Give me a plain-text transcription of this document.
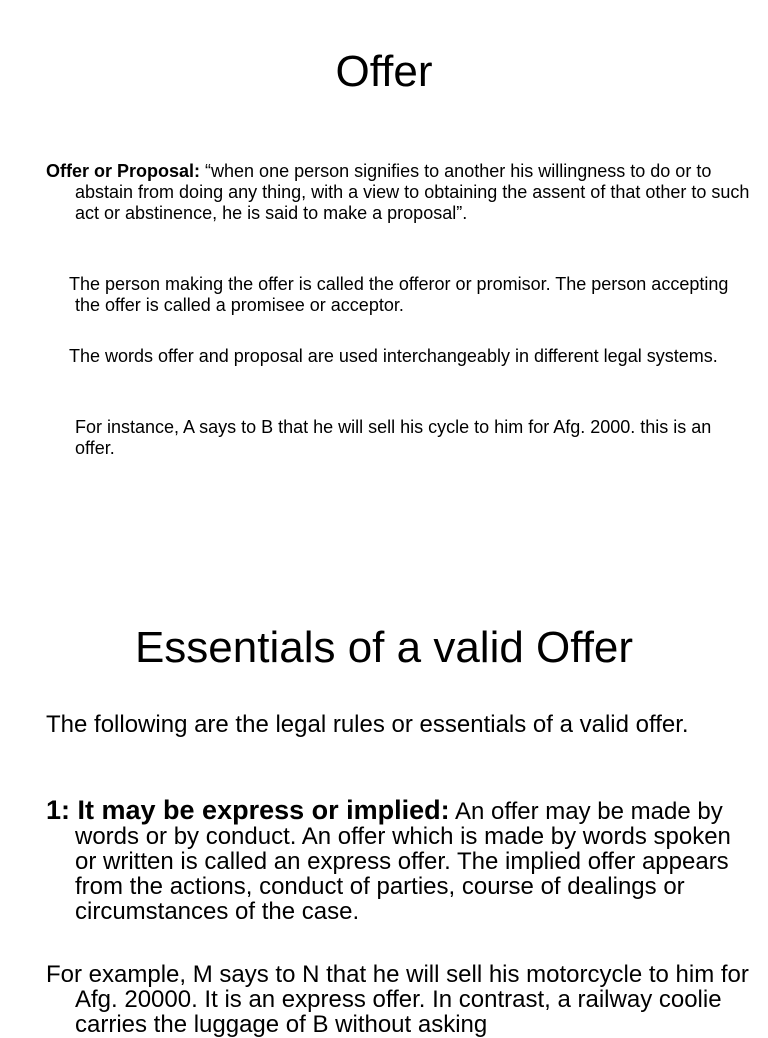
Offer

Offer or Proposal: “when one person signifies to another his willingness to do or to abstain from doing any thing, with a view to obtaining the assent of that other to such act or abstinence, he is said to make a proposal”.

The person making the offer is called the offeror or promisor. The person accepting the offer is called a promisee or acceptor.

The words offer and proposal are used interchangeably in different legal systems.

For instance, A says to B that he will sell his cycle to him for Afg. 2000. this is an offer.

Essentials of a valid Offer

The following are the legal rules or essentials of a valid offer.

1: It may be express or implied: An offer may be made by words or by conduct. An offer which is made by words spoken or written is called an express offer. The implied offer appears from the actions, conduct of parties, course of dealings or circumstances of the case.

For example, M says to N that he will sell his motorcycle to him for Afg. 20000. It is an express offer. In contrast, a railway coolie carries the luggage of B without asking
